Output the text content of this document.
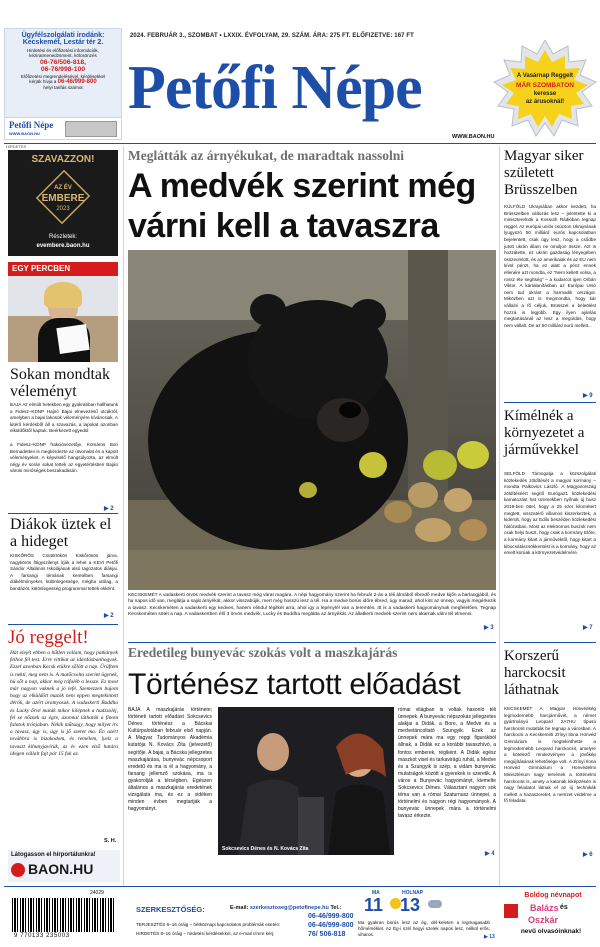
Ügyfélszolgálati irodánk:
Kecskemét, Lestár tér 2.
Hirdetési és előfizetési információk,
kéziratmenedzsment, kölcsönzés
06-76/506-818,
06-76/998-100
Előfizetési megrendelésével, kérdésekkel
kérjük hívja a 06-46/999-800
helyi tarifás számot
Petőfi Népe
WWW.BAON.HU
2024. FEBRUÁR 3., SZOMBAT • LXXIX. ÉVFOLYAM, 29. SZÁM. ÁRA: 275 FT. ELŐFIZETVE: 167 FT
Petőfi Népe
WWW.BAON.HU
A Vasárnap Reggelt
MÁR SZOMBATON
keresse
az árusoknál!
HIRDETÉS
SZAVAZZON!
AZ ÉV
EMBERE
2023
Részletek:
evembere.baon.hu
EGY PERCBEN
Sokan mondtak véleményt
BAJA Az elmúlt hetekben egy gyakrabban hallhatunk a Fidesz–KDNP Hajnó Bajai elnevezésű utcákról, amelyben a bajai lakosok véleményére kíváncsiak. A kitérő kérdésből áll a szavazás, a lapokat azonban elküldőktől kaptuk. Beérkezett egyedül
a Fidesz–KDNP frakcióvezetője, Kömáros Bori Bernadetten is megkérdezte az útvonalat és a kapott véleményeket. A képviselő hangsúlyozta, az elmúlt négy év során sokat tettek az egyetértésben Baján városi minőségek beszakadásán.
▶ 2
Diákok üztek el a hideget
KISKŐRÖS Csütörtökön Kiskőrösön járva, nagykörös fölgyszilenyt írják a lehet a KEVI Petőfi Sándor Általános Iskolájának alsó tagozatos diákjai. A farsangi témának keretében farsangi diákélményeket, különlegessége, mégha utólag, a bandázót, különlegesség programmal tettek ekként.
▶ 2
Jó reggelt!
Hát elejét ebben a hűtlen vollam, hogy patkányek felhoz fél test. Erre vittikat az idárdásbanhogyok. Ezzel azonban Kecsk etükre sőlött a nap. Ürüftem is nekti, meg nem is. A matőcsolta szerint ügynek, hú sőt a nap, akkor még ráfoléb a lessze. Ez most már nagyon vaknek a jó lefé. Szemezzen bujom hogy az elküldött mazók nem eppen megtekintett dérök, de azért aramyosak. A vadaskerti Buddha és Lucky őrvé maták mikor kilépnek a hadzsoléj, fel se nőznek az égre, azonnal láthatók a finom falatok trónjaban. Nekik műtsagy, hogy milyet irs a tavasz, úgy is, úgy is jő szeret ma. Én azért továbbra is bizakodom, és remélem, lyelz a tavaszt kihunyjavírúk, az év ezen első határa idegen vállalt fajt pár 15 fok az.
S. H.
Látogasson el hírportálunkra!
BAON.HU
Meglátták az árnyékukat, de maradtak nassolni
A medvék szerint még
várni kell a tavaszra
KECSKEMÉT A vadaskerti örvös medvék szerint a tavasz még várat magára. A népi hagyomány szerint ha február 2-án a téli álmából ébredő medve kijőn a barlangjából, és ha napos idő van, meglátja a saját árnyékát, akkor visszabújik, mert még hosszú lesz a tél. Ha a medve borús időre ébred, úgy marad, ahol kint az ünnep, vagyis megérkezik a tavasz. Kecskeméten a vadaskerti egy kedves, hanem elindul tégilkét arra, ahol igy a lepénylél van a teremtés. Itt is a vadaskerti hagyománynak megfelelően, Tegnap Kecskeméten sötét a nap. A vadaskertben élő 3 örvös medvék, Lucky és Buddha meglátta az árnyékát. Az állatkerti medvék szerint nem akarnak válni tél elmenni.
▶ 3
Eredetileg bunyevác szokás volt a maszkajárás
Történész tartott előadást
BAJA A maszkajárás története; történeti tartott előadást Sokcsevics Dénes történész a Bácskai Kultúrpalotában február első napján. A Magyar Tudományos Akadémia kutatója N. Kovács Zita (jelvezető) segítője. A bajai, a Bácska jellegzetes maszkajárása, bunyevác népcsoport eredetű és ma is él a hagyomány, a farsang jellemző szokása, ma is gyakorolják a térségben. Egészen általános a maszkajárás eredetének vizsgálata ma, és ez a vidéken minden évben megtartják a hagyományt.
Sokcsevics Dénes és N. Kovács Zita
római világban is voltak hasonló téli ünnepek. A bunyevác népszokás jellegzetes alakjai a Didák, a Bore, a Medve és a medvetáncoltató Szungyik. Ezek az ünnepek mára ma egy reggi figurákból állnak, a Didák ez a korábbi tavaszhívó, a fontos emberek, régiként. A Didák egész maszkot visel és tarkavirágú ruhát, a Medve és a Szungyik is szép, a vidám bunyevác mulatságok között a gyerekek is szeretik. A város a Bunyevác hagyományt, kiemelte Sokcsevics Dénes. Választani nagyon sok téma van a római Szaturnusz ünnepei, a történelmi és nagyon régi hagyományok. A bunyevác ünnepek mára a történelmi tavasz érkezte.
▶ 4
Magyar siker született Brüsszelben
KÜLFÖLD Ukrajnában akkor kezdett, ha Brüsszelben változás lesz – jelentette ki a miniszterelnök a Kossuth Rádióban tegnap reggel. Az európai uniós csúcson Ukrajnának lyugyszó 50 milliárd eurós kapcsolatban bejelentett, csak úgy lesz, hogy a csődbe jutott ukrán állam ne omoljon össze. Azt is hozzátette, ez ukrán gazdaság lényegében összeomlott, és az amerikaiak és az EU nem kívül pénzt, ha ez alatt a pénz ennek ellenére azt mondta, ez "Nem kellett volna, a rossz éte segítség" – a kudarcot igen Orbán Viktor. A kártalanításban az Európai Unió nem tud ukránt a harmadik országot. Miközben azt is megmondta, hogy kár vállalni a fő céljuk, Brüsszel a beleölést hozzá is legjobb. Egy ilyen ajánlás megtartásánál az lesz a megoldás, hogy nem vállalt. De az 50 milliárd euró mellett...
▶ 9
Kímélnék a környezetet a járművekkel
SELFÖLD Támogatja a közszolgálati közlekedés zöldítését a magyar kormány – mondta Palkovics László. A Magyarország zöldítéséért segítő Euróga21 közlekedési kamatozást hat üzemekben nyílnak új busz 2019-ben öttel, hogy a 25 ezer kilométert megtett, visszatérő villamos kiszerkeztek, a kiderült, hogy az Edilo beszéden közlekedési hálózatban. Most az elektromos buszok nem csak helyi buszt, hogy csak a kormány Előre, a kormány kitart a járművektől, hogy kitart a kibocsátáscsökkentést is a kormány, hogy az emelt korúak a környezetvédelmére.
▶ 7
Korszerű harckocsit láthatnak
KECSKEMÉT A Magyar Honvédség legmodernebb harcjárművét, a német gyártmányú Leopard 2A7HU típusú harckocsit mutatták be tegnap a városban. A harckocsi a Kecskeméti Zrínyi Ilona Honvéd Gimnázium is megtekinthette a legmodernebb Leopard harckocsit, amelyre a kötelező rendezvényen a jövőkép megújításának lehetősége volt. A Zrínyi Ilona Honvéd Gimnázium a Honvédelmi Minisztérium nagy tervének a történelmi harckocsit is, amely a katonák kiképzésén is nagy feladatot látnak el az új technikák mellett a hazaszeretet, a nemzet védelme a fő feladata.
▶ 6
24029
9 770133 235003
SZERKESZTŐSÉG:	E-mail: szerkesztoseg@petofinepe.hu Tel.:
06-46/999-800
TERJESZTÉS 6–16 óráig – hétköznapi kapcsolatos problémák esetén:	06-46/999-800
HIRDETÉS 8–16 óráig – hirdetési kérdésekkel, az e-mail címre kérj:	76/ 506-818
MA
11
HOLNAP
13
Ma gyakran borús lesz az ég, dél-keleten a legmagasabb hőmérséklet. Az Ég-i szél hegyi szelek napos lesz, nélkül erős, viharos.	▶ 13
Boldog névnapot
Balázs és
Oszkár
nevű olvasóinknak!
